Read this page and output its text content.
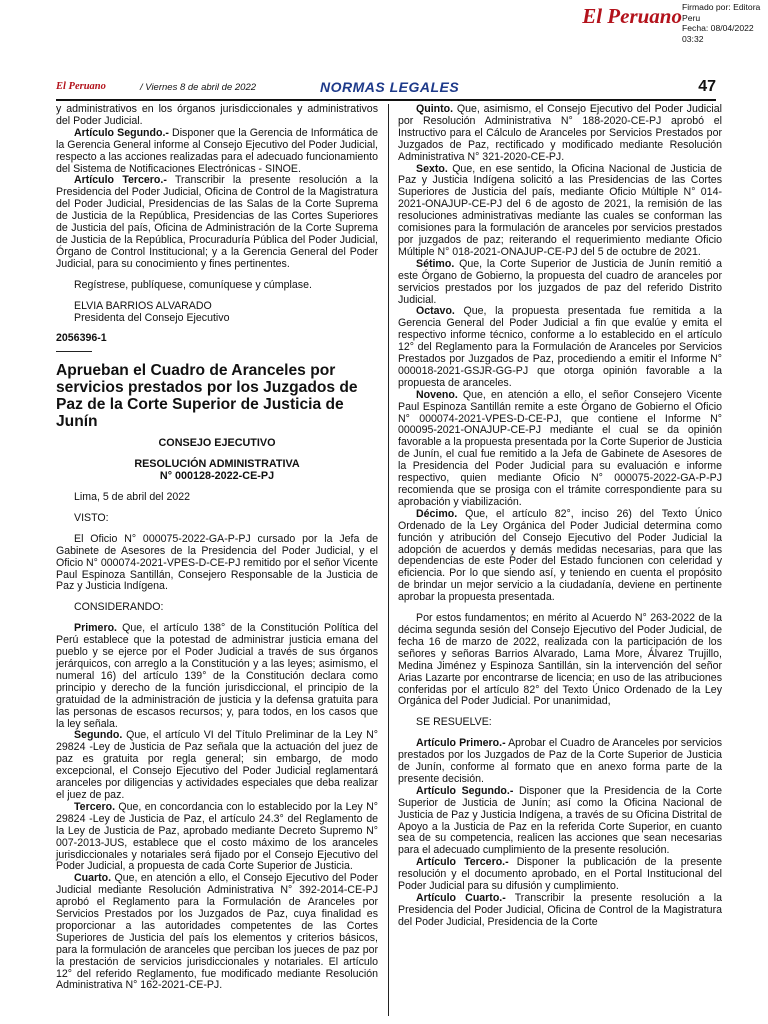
El Peruano Firmado por: Editora
Peru
Fecha: 08/04/2022 03:32
El Peruano	/ Viernes 8 de abril de 2022	NORMAS LEGALES	47

y administrativos en los órganos jurisdiccionales y administrativos del Poder Judicial.

Artículo Segundo.- Disponer que la Gerencia de Informática de la Gerencia General informe al Consejo Ejecutivo del Poder Judicial, respecto a las acciones realizadas para el adecuado funcionamiento del Sistema de Notificaciones Electrónicas - SINOE.

Artículo Tercero.- Transcribir la presente resolución a la Presidencia del Poder Judicial, Oficina de Control de la Magistratura del Poder Judicial, Presidencias de las Salas de la Corte Suprema de Justicia de la República, Presidencias de las Cortes Superiores de Justicia del país, Oficina de Administración de la Corte Suprema de Justicia de la República, Procuraduría Pública del Poder Judicial, Órgano de Control Institucional; y a la Gerencia General del Poder Judicial, para su conocimiento y fines pertinentes.

Regístrese, publíquese, comuníquese y cúmplase.

ELVIA BARRIOS ALVARADO

Presidenta del Consejo Ejecutivo

2056396-1

Aprueban el Cuadro de Aranceles por servicios prestados por los Juzgados de Paz de la Corte Superior de Justicia de Junín

CONSEJO EJECUTIVO

RESOLUCIÓN ADMINISTRATIVA

N° 000128-2022-CE-PJ

Lima, 5 de abril del 2022

VISTO:

El Oficio N° 000075-2022-GA-P-PJ cursado por la Jefa de Gabinete de Asesores de la Presidencia del Poder Judicial, y el Oficio N° 000074-2021-VPES-D-CE-PJ remitido por el señor Vicente Paul Espinoza Santillán, Consejero Responsable de la Justicia de Paz y Justicia Indígena.

CONSIDERANDO:

Primero. Que, el artículo 138° de la Constitución Política del Perú establece que la potestad de administrar justicia emana del pueblo y se ejerce por el Poder Judicial a través de sus órganos jerárquicos, con arreglo a la Constitución y a las leyes; asimismo, el numeral 16) del artículo 139° de la Constitución declara como principio y derecho de la función jurisdiccional, el principio de la gratuidad de la administración de justicia y la defensa gratuita para las personas de escasos recursos; y, para todos, en los casos que la ley señala.

Segundo. Que, el artículo VI del Título Preliminar de la Ley N° 29824 -Ley de Justicia de Paz señala que la actuación del juez de paz es gratuita por regla general; sin embargo, de modo excepcional, el Consejo Ejecutivo del Poder Judicial reglamentará aranceles por diligencias y actividades especiales que deba realizar el juez de paz.

Tercero. Que, en concordancia con lo establecido por la Ley N° 29824 -Ley de Justicia de Paz, el artículo 24.3° del Reglamento de la Ley de Justicia de Paz, aprobado mediante Decreto Supremo N° 007-2013-JUS, establece que el costo máximo de los aranceles jurisdiccionales y notariales será fijado por el Consejo Ejecutivo del Poder Judicial, a propuesta de cada Corte Superior de Justicia.

Cuarto. Que, en atención a ello, el Consejo Ejecutivo del Poder Judicial mediante Resolución Administrativa N° 392-2014-CE-PJ aprobó el Reglamento para la Formulación de Aranceles por Servicios Prestados por los Juzgados de Paz, cuya finalidad es proporcionar a las autoridades competentes de las Cortes Superiores de Justicia del país los elementos y criterios básicos, para la formulación de aranceles que perciban los jueces de paz por la prestación de servicios jurisdiccionales y notariales. El artículo 12° del referido Reglamento, fue modificado mediante Resolución Administrativa N° 162-2021-CE-PJ.

Quinto. Que, asimismo, el Consejo Ejecutivo del Poder Judicial por Resolución Administrativa N° 188-2020-CE-PJ aprobó el Instructivo para el Cálculo de Aranceles por Servicios Prestados por Juzgados de Paz, rectificado y modificado mediante Resolución Administrativa N° 321-2020-CE-PJ.

Sexto. Que, en ese sentido, la Oficina Nacional de Justicia de Paz y Justicia Indígena solicitó a las Presidencias de las Cortes Superiores de Justicia del país, mediante Oficio Múltiple N° 014-2021-ONAJUP-CE-PJ del 6 de agosto de 2021, la remisión de las resoluciones administrativas mediante las cuales se conforman las comisiones para la formulación de aranceles por servicios prestados por juzgados de paz; reiterando el requerimiento mediante Oficio Múltiple N° 018-2021-ONAJUP-CE-PJ del 5 de octubre de 2021.

Sétimo. Que, la Corte Superior de Justicia de Junín remitió a este Órgano de Gobierno, la propuesta del cuadro de aranceles por servicios prestados por los juzgados de paz del referido Distrito Judicial.

Octavo. Que, la propuesta presentada fue remitida a la Gerencia General del Poder Judicial a fin que evalúe y emita el respectivo informe técnico, conforme a lo establecido en el artículo 12° del Reglamento para la Formulación de Aranceles por Servicios Prestados por Juzgados de Paz, procediendo a emitir el Informe N° 000018-2021-GSJR-GG-PJ que otorga opinión favorable a la propuesta de aranceles.

Noveno. Que, en atención a ello, el señor Consejero Vicente Paul Espinoza Santillán remite a este Órgano de Gobierno el Oficio N° 000074-2021-VPES-D-CE-PJ, que contiene el Informe N° 000095-2021-ONAJUP-CE-PJ mediante el cual se da opinión favorable a la propuesta presentada por la Corte Superior de Justicia de Junín, el cual fue remitido a la Jefa de Gabinete de Asesores de la Presidencia del Poder Judicial para su evaluación e informe respectivo, quien mediante Oficio N° 000075-2022-GA-P-PJ recomienda que se prosiga con el trámite correspondiente para su aprobación y viabilización.

Décimo. Que, el artículo 82°, inciso 26) del Texto Único Ordenado de la Ley Orgánica del Poder Judicial determina como función y atribución del Consejo Ejecutivo del Poder Judicial la adopción de acuerdos y demás medidas necesarias, para que las dependencias de este Poder del Estado funcionen con celeridad y eficiencia. Por lo que siendo así, y teniendo en cuenta el propósito de brindar un mejor servicio a la ciudadanía, deviene en pertinente aprobar la propuesta presentada.

Por estos fundamentos; en mérito al Acuerdo N° 263-2022 de la décima segunda sesión del Consejo Ejecutivo del Poder Judicial, de fecha 16 de marzo de 2022, realizada con la participación de los señores y señoras Barrios Alvarado, Lama More, Álvarez Trujillo, Medina Jiménez y Espinoza Santillán, sin la intervención del señor Arias Lazarte por encontrarse de licencia; en uso de las atribuciones conferidas por el artículo 82° del Texto Único Ordenado de la Ley Orgánica del Poder Judicial. Por unanimidad,

SE RESUELVE:

Artículo Primero.- Aprobar el Cuadro de Aranceles por servicios prestados por los Juzgados de Paz de la Corte Superior de Justicia de Junín, conforme al formato que en anexo forma parte de la presente decisión.

Artículo Segundo.- Disponer que la Presidencia de la Corte Superior de Justicia de Junín; así como la Oficina Nacional de Justicia de Paz y Justicia Indígena, a través de su Oficina Distrital de Apoyo a la Justicia de Paz en la referida Corte Superior, en cuanto sea de su competencia, realicen las acciones que sean necesarias para el adecuado cumplimiento de la presente resolución.

Artículo Tercero.- Disponer la publicación de la presente resolución y el documento aprobado, en el Portal Institucional del Poder Judicial para su difusión y cumplimiento.

Artículo Cuarto.- Transcribir la presente resolución a la Presidencia del Poder Judicial, Oficina de Control de la Magistratura del Poder Judicial, Presidencia de la Corte
